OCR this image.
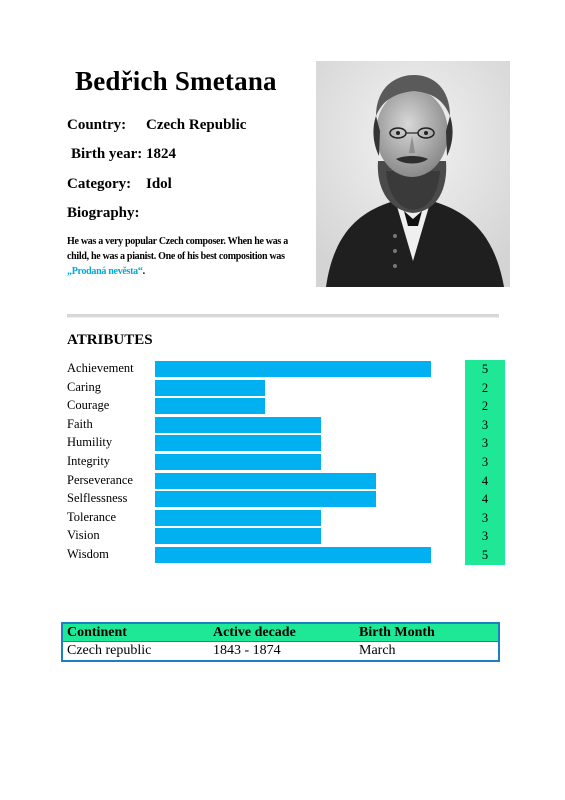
Bedřich Smetana
Country: Czech Republic
Birth year: 1824
Category: Idol
Biography:
He was a very popular Czech composer. When he was a child, he was a pianist. One of his best composition was „Prodaná nevěsta“.
ATRIBUTES
Achievement	5
Caring	2
Courage	2
Faith	3
Humility	3
Integrity	3
Perseverance	4
Selflessness	4
Tolerance	3
Vision	3
Wisdom	5
Continent	Active decade	Birth Month
Czech republic	1843 - 1874	March
